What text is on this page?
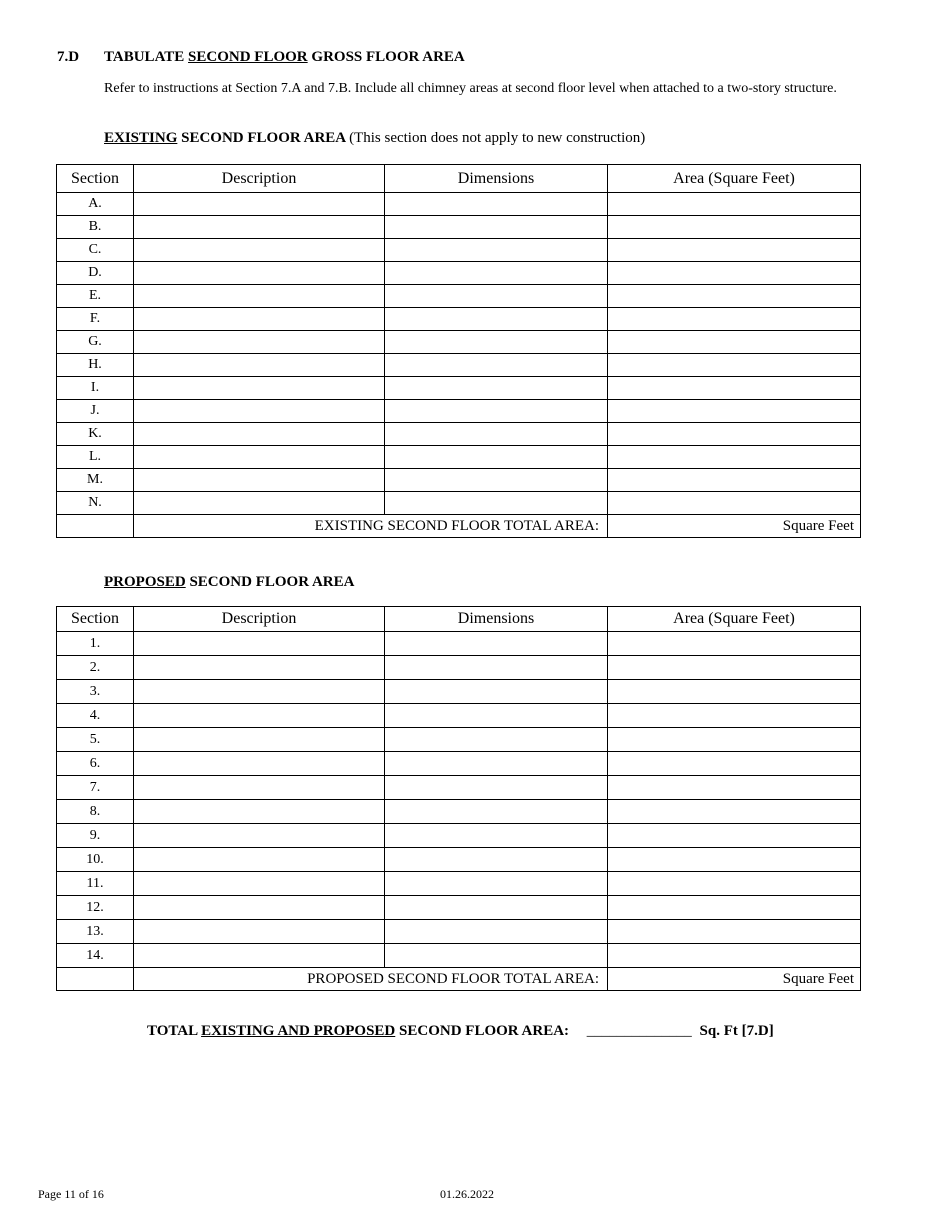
7.D TABULATE SECOND FLOOR GROSS FLOOR AREA
Refer to instructions at Section 7.A and 7.B. Include all chimney areas at second floor level when attached to a two-story structure.
EXISTING SECOND FLOOR AREA (This section does not apply to new construction)
Section	Description	Dimensions	Area (Square Feet)
A.			
B.			
C.			
D.			
E.			
F.			
G.			
H.			
I.			
J.			
K.			
L.			
M.			
N.			
	EXISTING SECOND FLOOR TOTAL AREA:		Square Feet
PROPOSED SECOND FLOOR AREA
Section	Description	Dimensions	Area (Square Feet)
1.			
2.			
3.			
4.			
5.			
6.			
7.			
8.			
9.			
10.			
11.			
12.			
13.			
14.			
	PROPOSED SECOND FLOOR TOTAL AREA:		Square Feet
TOTAL EXISTING AND PROPOSED SECOND FLOOR AREA: ______________ Sq. Ft [7.D]
Page 11 of 16	01.26.2022
